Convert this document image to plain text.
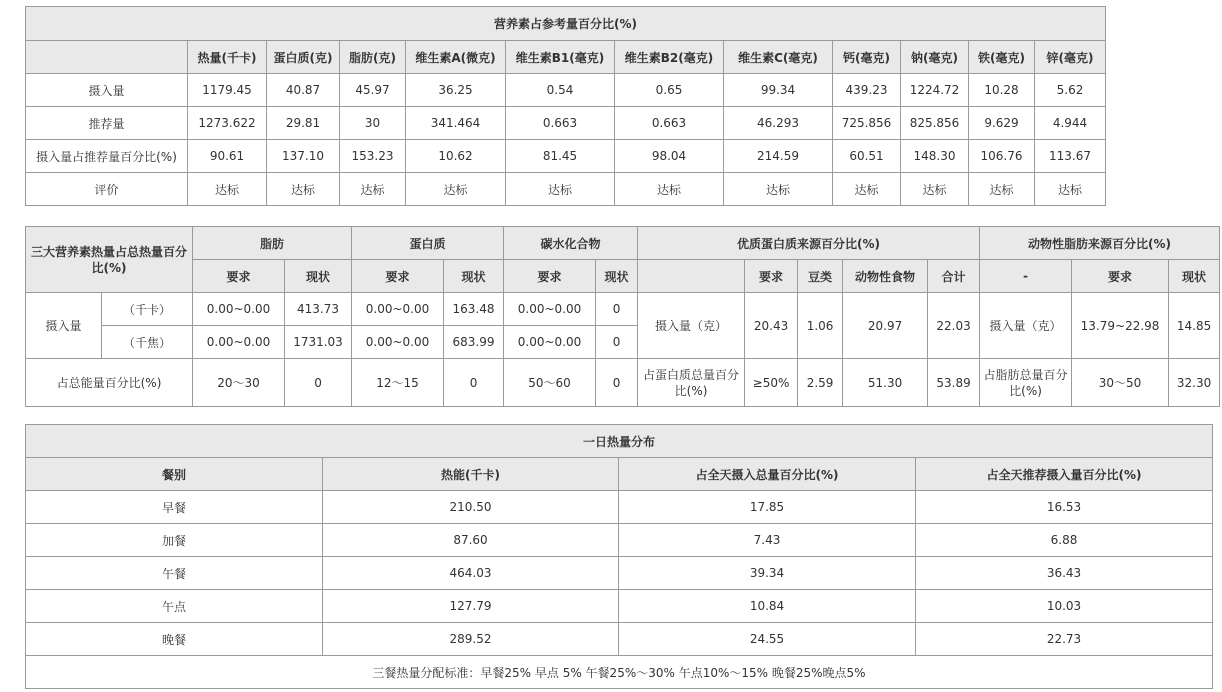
营养素占参考量百分比(%)											
	热量(千卡)	蛋白质(克)	脂肪(克)	维生素A(微克)	维生素B1(毫克)	维生素B2(毫克)	维生素C(毫克)	钙(毫克)	钠(毫克)	铁(毫克)	锌(毫克)
摄入量	1179.45	40.87	45.97	36.25	0.54	0.65	99.34	439.23	1224.72	10.28	5.62
推荐量	1273.622	29.81	30	341.464	0.663	0.663	46.293	725.856	825.856	9.629	4.944
摄入量占推荐量百分比(%)	90.61	137.10	153.23	10.62	81.45	98.04	214.59	60.51	148.30	106.76	113.67
评价	达标	达标	达标	达标	达标	达标	达标	达标	达标	达标	达标
三大营养素热量占总热量百分比(%)		脂肪		蛋白质		碳水化合物		优质蛋白质来源百分比(%)					动物性脂肪来源百分比(%)		
		要求	现状	要求	现状	要求	现状		要求	豆类	动物性食物	合计	-	要求	现状
摄入量	（千卡）	0.00~0.00	413.73	0.00~0.00	163.48	0.00~0.00	0	摄入量（克）	20.43	1.06	20.97	22.03	摄入量（克）	13.79~22.98	14.85
	（千焦）	0.00~0.00	1731.03	0.00~0.00	683.99	0.00~0.00	0								
占总能量百分比(%)		20～30	0	12～15	0	50～60	0	占蛋白质总量百分比(%)	≥50%	2.59	51.30	53.89	占脂肪总量百分比(%)	30～50	32.30
一日热量分布			
餐别	热能(千卡)	占全天摄入总量百分比(%)	占全天推荐摄入量百分比(%)
早餐	210.50	17.85	16.53
加餐	87.60	7.43	6.88
午餐	464.03	39.34	36.43
午点	127.79	10.84	10.03
晚餐	289.52	24.55	22.73
三餐热量分配标准：早餐25% 早点 5% 午餐25%～30% 午点10%～15% 晚餐25%晚点5%			
